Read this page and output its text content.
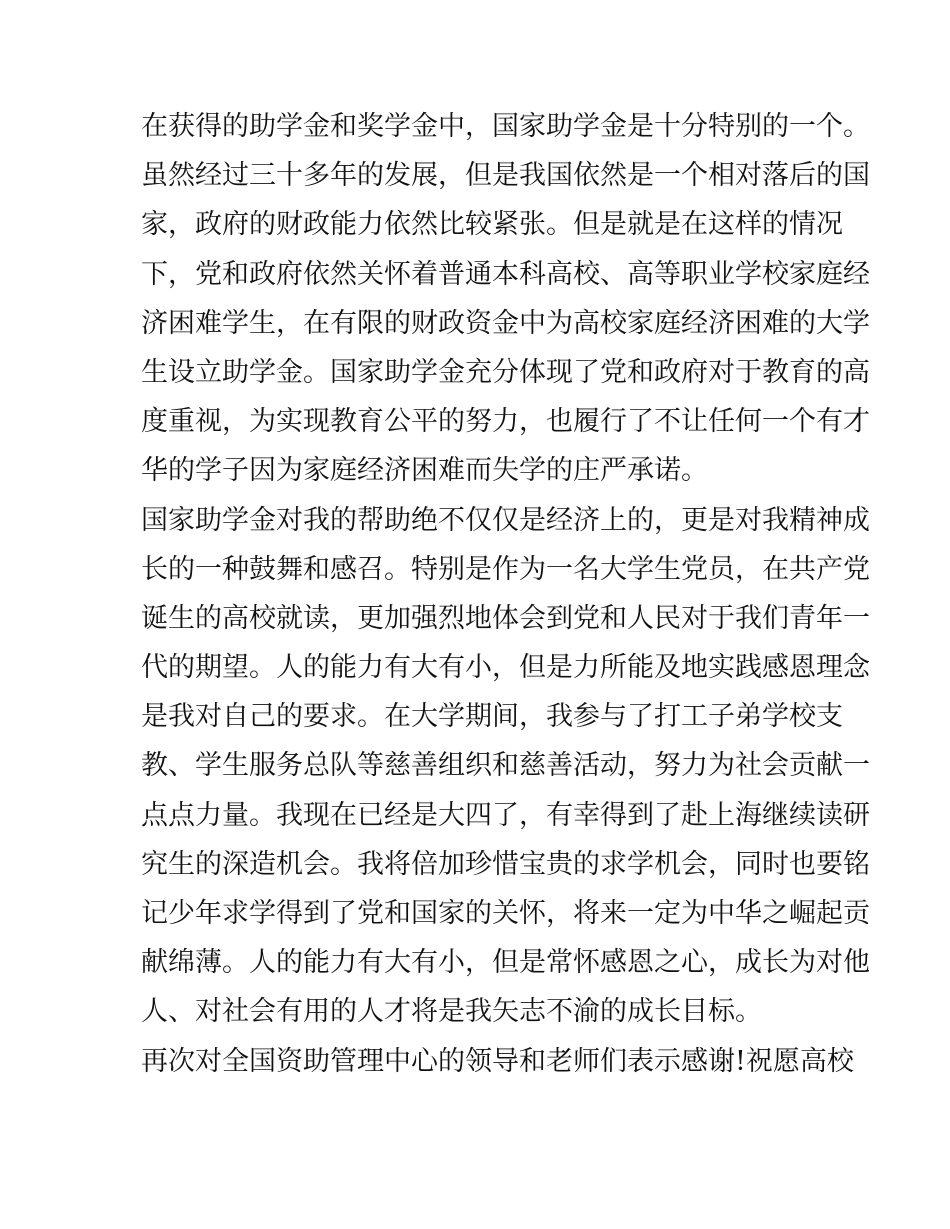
在获得的助学金和奖学金中，国家助学金是十分特别的一个。
虽然经过三十多年的发展，但是我国依然是一个相对落后的国
家，政府的财政能力依然比较紧张。但是就是在这样的情况
下，党和政府依然关怀着普通本科高校、高等职业学校家庭经
济困难学生，在有限的财政资金中为高校家庭经济困难的大学
生设立助学金。国家助学金充分体现了党和政府对于教育的高
度重视，为实现教育公平的努力，也履行了不让任何一个有才
华的学子因为家庭经济困难而失学的庄严承诺。
国家助学金对我的帮助绝不仅仅是经济上的，更是对我精神成
长的一种鼓舞和感召。特别是作为一名大学生党员，在共产党
诞生的高校就读，更加强烈地体会到党和人民对于我们青年一
代的期望。人的能力有大有小，但是力所能及地实践感恩理念
是我对自己的要求。在大学期间，我参与了打工子弟学校支
教、学生服务总队等慈善组织和慈善活动，努力为社会贡献一
点点力量。我现在已经是大四了，有幸得到了赴上海继续读研
究生的深造机会。我将倍加珍惜宝贵的求学机会，同时也要铭
记少年求学得到了党和国家的关怀，将来一定为中华之崛起贡
献绵薄。人的能力有大有小，但是常怀感恩之心，成长为对他
人、对社会有用的人才将是我矢志不渝的成长目标。
再次对全国资助管理中心的领导和老师们表示感谢!祝愿高校
